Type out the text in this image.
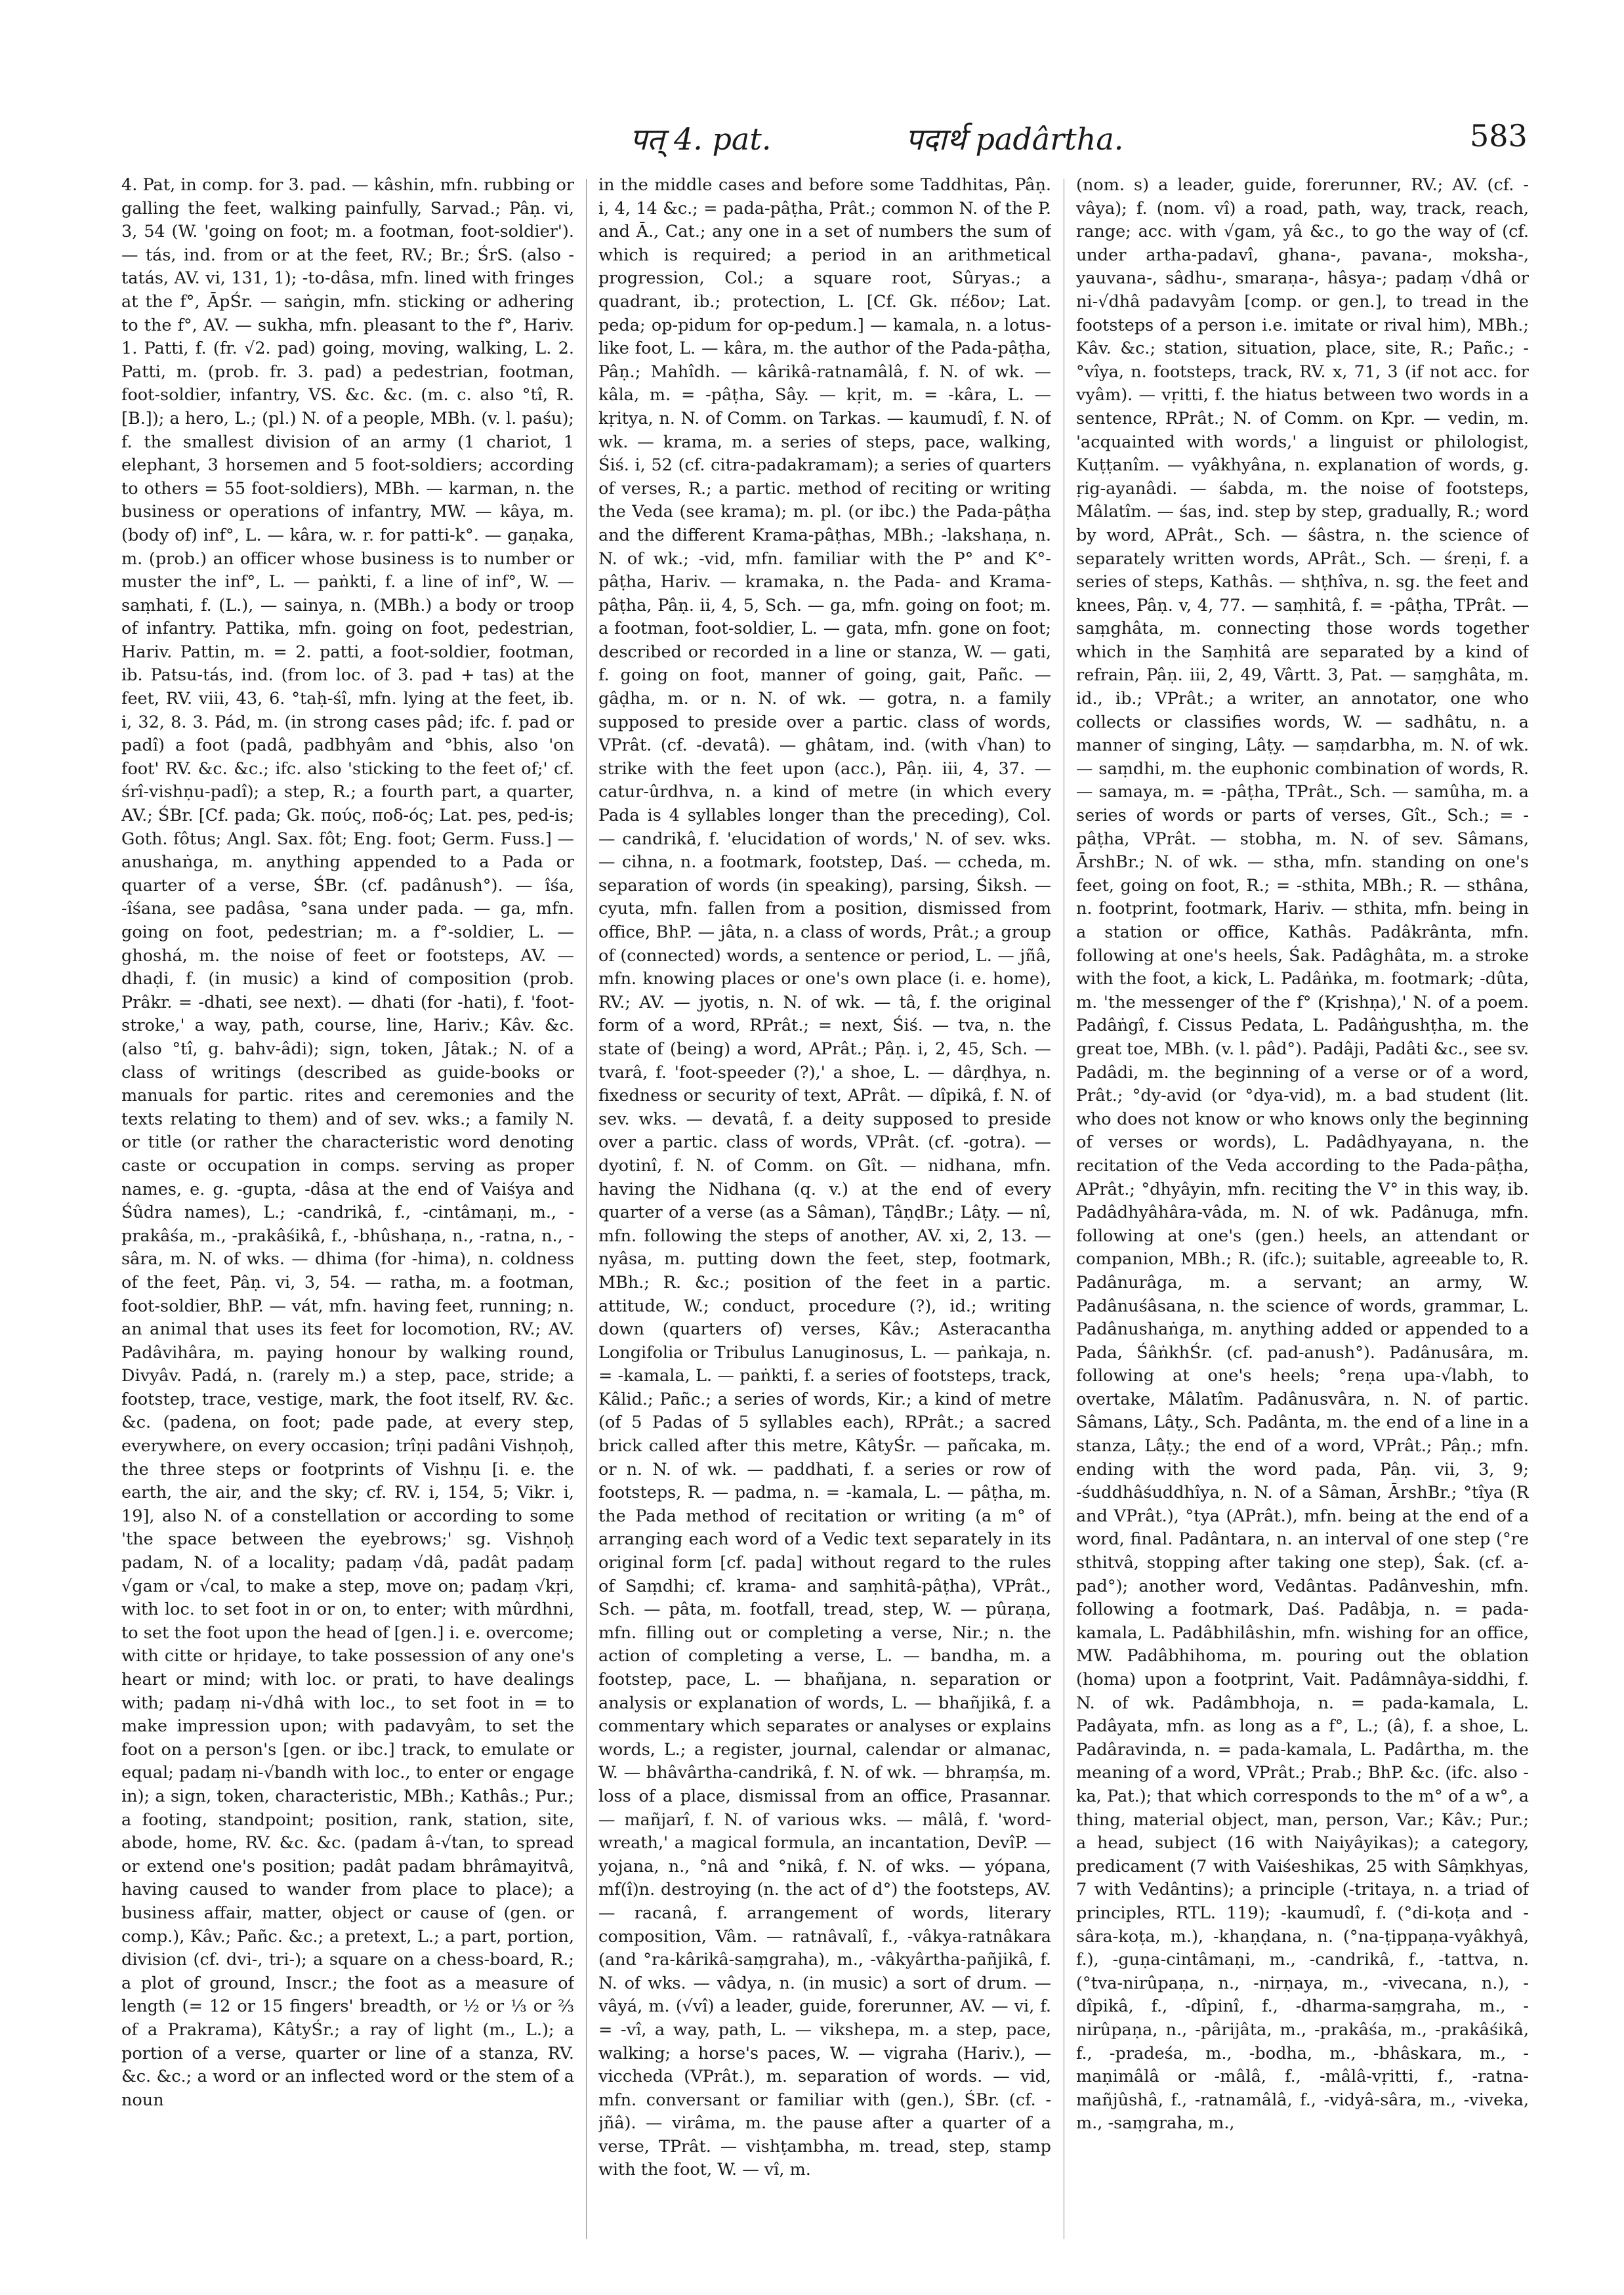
पत् 4. pat.	पदार्थ padârtha.	583

4. Pat, in comp. for 3. pad. — kâshin, mfn. rubbing or galling the feet, walking painfully, Sarvad.; Pâṇ. vi, 3, 54 (W. 'going on foot; m. a footman, foot-soldier'). — tás, ind. from or at the feet, RV.; Br.; ŚrS. (also -tatás, AV. vi, 131, 1); -to-dâsa, mfn. lined with fringes at the f°, ĀpŚr. — saṅgin, mfn. sticking or adhering to the f°, AV. — sukha, mfn. pleasant to the f°, Hariv. 1. Patti, f. (fr. √2. pad) going, moving, walking, L. 2. Patti, m. (prob. fr. 3. pad) a pedestrian, footman, foot-soldier, infantry, VS. &c. &c. (m. c. also °tî, R. [B.]); a hero, L.; (pl.) N. of a people, MBh. (v. l. paśu); f. the smallest division of an army (1 chariot, 1 elephant, 3 horsemen and 5 foot-soldiers; according to others = 55 foot-soldiers), MBh. — karman, n. the business or operations of infantry, MW. — kâya, m. (body of) inf°, L. — kâra, w. r. for patti-k°. — gaṇaka, m. (prob.) an officer whose business is to number or muster the inf°, L. — paṅkti, f. a line of inf°, W. — saṃhati, f. (L.), — sainya, n. (MBh.) a body or troop of infantry. Pattika, mfn. going on foot, pedestrian, Hariv. Pattin, m. = 2. patti, a foot-soldier, footman, ib. Patsu-tás, ind. (from loc. of 3. pad + tas) at the feet, RV. viii, 43, 6. °taḥ-śî, mfn. lying at the feet, ib. i, 32, 8. 3. Pád, m. (in strong cases pâd; ifc. f. pad or padî) a foot (padâ, padbhyâm and °bhis, also 'on foot' RV. &c. &c.; ifc. also 'sticking to the feet of;' cf. śrî-vishṇu-padî); a step, R.; a fourth part, a quarter, AV.; ŚBr. [Cf. pada; Gk. πούς, ποδ-ός; Lat. pes, ped-is; Goth. fôtus; Angl. Sax. fôt; Eng. foot; Germ. Fuss.] — anushaṅga, m. anything appended to a Pada or quarter of a verse, ŚBr. (cf. padânush°). — îśa, -îśana, see padâsa, °sana under pada. — ga, mfn. going on foot, pedestrian; m. a f°-soldier, L. — ghoshá, m. the noise of feet or footsteps, AV. — dhaḍi, f. (in music) a kind of composition (prob. Prâkr. = -dhati, see next). — dhati (for -hati), f. 'foot-stroke,' a way, path, course, line, Hariv.; Kâv. &c. (also °tî, g. bahv-âdi); sign, token, Jâtak.; N. of a class of writings (described as guide-books or manuals for partic. rites and ceremonies and the texts relating to them) and of sev. wks.; a family N. or title (or rather the characteristic word denoting caste or occupation in comps. serving as proper names, e. g. -gupta, -dâsa at the end of Vaiśya and Śûdra names), L.; -candrikâ, f., -cintâmaṇi, m., -prakâśa, m., -prakâśikâ, f., -bhûshaṇa, n., -ratna, n., -sâra, m. N. of wks. — dhima (for -hima), n. coldness of the feet, Pâṇ. vi, 3, 54. — ratha, m. a footman, foot-soldier, BhP. — vát, mfn. having feet, running; n. an animal that uses its feet for locomotion, RV.; AV. Padâvihâra, m. paying honour by walking round, Divyâv. Padá, n. (rarely m.) a step, pace, stride; a footstep, trace, vestige, mark, the foot itself, RV. &c. &c. (padena, on foot; pade pade, at every step, everywhere, on every occasion; trîṇi padâni Vishṇoḥ, the three steps or footprints of Vishṇu [i. e. the earth, the air, and the sky; cf. RV. i, 154, 5; Vikr. i, 19], also N. of a constellation or according to some 'the space between the eyebrows;' sg. Vishṇoḥ padam, N. of a locality; padaṃ √dâ, padât padaṃ √gam or √cal, to make a step, move on; padaṃ √kṛi, with loc. to set foot in or on, to enter; with mûrdhni, to set the foot upon the head of [gen.] i. e. overcome; with citte or hṛidaye, to take possession of any one's heart or mind; with loc. or prati, to have dealings with; padaṃ ni-√dhâ with loc., to set foot in = to make impression upon; with padavyâm, to set the foot on a person's [gen. or ibc.] track, to emulate or equal; padaṃ ni-√bandh with loc., to enter or engage in); a sign, token, characteristic, MBh.; Kathâs.; Pur.; a footing, standpoint; position, rank, station, site, abode, home, RV. &c. &c. (padam â-√tan, to spread or extend one's position; padât padam bhrâmayitvâ, having caused to wander from place to place); a business affair, matter, object or cause of (gen. or comp.), Kâv.; Pañc. &c.; a pretext, L.; a part, portion, division (cf. dvi-, tri-); a square on a chess-board, R.; a plot of ground, Inscr.; the foot as a measure of length (= 12 or 15 fingers' breadth, or ½ or ⅓ or ⅔ of a Prakrama), KâtyŚr.; a ray of light (m., L.); a portion of a verse, quarter or line of a stanza, RV. &c. &c.; a word or an inflected word or the stem of a noun

in the middle cases and before some Taddhitas, Pâṇ. i, 4, 14 &c.; = pada-pâṭha, Prât.; common N. of the P. and Ā., Cat.; any one in a set of numbers the sum of which is required; a period in an arithmetical progression, Col.; a square root, Sûryas.; a quadrant, ib.; protection, L. [Cf. Gk. πέδον; Lat. peda; op-pidum for op-pedum.] — kamala, n. a lotus-like foot, L. — kâra, m. the author of the Pada-pâṭha, Pâṇ.; Mahîdh. — kârikâ-ratnamâlâ, f. N. of wk. — kâla, m. = -pâṭha, Sây. — kṛit, m. = -kâra, L. — kṛitya, n. N. of Comm. on Tarkas. — kaumudî, f. N. of wk. — krama, m. a series of steps, pace, walking, Śiś. i, 52 (cf. citra-padakramam); a series of quarters of verses, R.; a partic. method of reciting or writing the Veda (see krama); m. pl. (or ibc.) the Pada-pâṭha and the different Krama-pâṭhas, MBh.; -lakshaṇa, n. N. of wk.; -vid, mfn. familiar with the P° and K°-pâṭha, Hariv. — kramaka, n. the Pada- and Krama-pâṭha, Pâṇ. ii, 4, 5, Sch. — ga, mfn. going on foot; m. a footman, foot-soldier, L. — gata, mfn. gone on foot; described or recorded in a line or stanza, W. — gati, f. going on foot, manner of going, gait, Pañc. — gâḍha, m. or n. N. of wk. — gotra, n. a family supposed to preside over a partic. class of words, VPrât. (cf. -devatâ). — ghâtam, ind. (with √han) to strike with the feet upon (acc.), Pâṇ. iii, 4, 37. — catur-ûrdhva, n. a kind of metre (in which every Pada is 4 syllables longer than the preceding), Col. — candrikâ, f. 'elucidation of words,' N. of sev. wks. — cihna, n. a footmark, footstep, Daś. — ccheda, m. separation of words (in speaking), parsing, Śiksh. — cyuta, mfn. fallen from a position, dismissed from office, BhP. — jâta, n. a class of words, Prât.; a group of (connected) words, a sentence or period, L. — jñâ, mfn. knowing places or one's own place (i. e. home), RV.; AV. — jyotis, n. N. of wk. — tâ, f. the original form of a word, RPrât.; = next, Śiś. — tva, n. the state of (being) a word, APrât.; Pâṇ. i, 2, 45, Sch. — tvarâ, f. 'foot-speeder (?),' a shoe, L. — dârḍhya, n. fixedness or security of text, APrât. — dîpikâ, f. N. of sev. wks. — devatâ, f. a deity supposed to preside over a partic. class of words, VPrât. (cf. -gotra). — dyotinî, f. N. of Comm. on Gît. — nidhana, mfn. having the Nidhana (q. v.) at the end of every quarter of a verse (as a Sâman), TâṇḍBr.; Lâṭy. — nî, mfn. following the steps of another, AV. xi, 2, 13. — nyâsa, m. putting down the feet, step, footmark, MBh.; R. &c.; position of the feet in a partic. attitude, W.; conduct, procedure (?), id.; writing down (quarters of) verses, Kâv.; Asteracantha Longifolia or Tribulus Lanuginosus, L. — paṅkaja, n. = -kamala, L. — paṅkti, f. a series of footsteps, track, Kâlid.; Pañc.; a series of words, Kir.; a kind of metre (of 5 Padas of 5 syllables each), RPrât.; a sacred brick called after this metre, KâtyŚr. — pañcaka, m. or n. N. of wk. — paddhati, f. a series or row of footsteps, R. — padma, n. = -kamala, L. — pâṭha, m. the Pada method of recitation or writing (a m° of arranging each word of a Vedic text separately in its original form [cf. pada] without regard to the rules of Saṃdhi; cf. krama- and saṃhitâ-pâṭha), VPrât., Sch. — pâta, m. footfall, tread, step, W. — pûraṇa, mfn. filling out or completing a verse, Nir.; n. the action of completing a verse, L. — bandha, m. a footstep, pace, L. — bhañjana, n. separation or analysis or explanation of words, L. — bhañjikâ, f. a commentary which separates or analyses or explains words, L.; a register, journal, calendar or almanac, W. — bhâvârtha-candrikâ, f. N. of wk. — bhraṃśa, m. loss of a place, dismissal from an office, Prasannar. — mañjarî, f. N. of various wks. — mâlâ, f. 'word-wreath,' a magical formula, an incantation, DevîP. — yojana, n., °nâ and °nikâ, f. N. of wks. — yópana, mf(î)n. destroying (n. the act of d°) the footsteps, AV. — racanâ, f. arrangement of words, literary composition, Vâm. — ratnâvalî, f., -vâkya-ratnâkara (and °ra-kârikâ-saṃgraha), m., -vâkyârtha-pañjikâ, f. N. of wks. — vâdya, n. (in music) a sort of drum. — vâyá, m. (√vî) a leader, guide, forerunner, AV. — vi, f. = -vî, a way, path, L. — vikshepa, m. a step, pace, walking; a horse's paces, W. — vigraha (Hariv.), — viccheda (VPrât.), m. separation of words. — vid, mfn. conversant or familiar with (gen.), ŚBr. (cf. -jñâ). — virâma, m. the pause after a quarter of a verse, TPrât. — vishṭambha, m. tread, step, stamp with the foot, W. — vî, m.

(nom. s) a leader, guide, forerunner, RV.; AV. (cf. -vâya); f. (nom. vî) a road, path, way, track, reach, range; acc. with √gam, yâ &c., to go the way of (cf. under artha-padavî, ghana-, pavana-, moksha-, yauvana-, sâdhu-, smaraṇa-, hâsya-; padaṃ √dhâ or ni-√dhâ padavyâm [comp. or gen.], to tread in the footsteps of a person i.e. imitate or rival him), MBh.; Kâv. &c.; station, situation, place, site, R.; Pañc.; -°vîya, n. footsteps, track, RV. x, 71, 3 (if not acc. for vyâm). — vṛitti, f. the hiatus between two words in a sentence, RPrât.; N. of Comm. on Kpr. — vedin, m. 'acquainted with words,' a linguist or philologist, Kuṭṭanîm. — vyâkhyâna, n. explanation of words, g. ṛig-ayanâdi. — śabda, m. the noise of footsteps, Mâlatîm. — śas, ind. step by step, gradually, R.; word by word, APrât., Sch. — śâstra, n. the science of separately written words, APrât., Sch. — śreṇi, f. a series of steps, Kathâs. — shṭhîva, n. sg. the feet and knees, Pâṇ. v, 4, 77. — saṃhitâ, f. = -pâṭha, TPrât. — saṃghâta, m. connecting those words together which in the Saṃhitâ are separated by a kind of refrain, Pâṇ. iii, 2, 49, Vârtt. 3, Pat. — saṃghâta, m. id., ib.; VPrât.; a writer, an annotator, one who collects or classifies words, W. — sadhâtu, n. a manner of singing, Lâṭy. — saṃdarbha, m. N. of wk. — saṃdhi, m. the euphonic combination of words, R. — samaya, m. = -pâṭha, TPrât., Sch. — samûha, m. a series of words or parts of verses, Gît., Sch.; = -pâṭha, VPrât. — stobha, m. N. of sev. Sâmans, ĀrshBr.; N. of wk. — stha, mfn. standing on one's feet, going on foot, R.; = -sthita, MBh.; R. — sthâna, n. footprint, footmark, Hariv. — sthita, mfn. being in a station or office, Kathâs. Padâkrânta, mfn. following at one's heels, Śak. Padâghâta, m. a stroke with the foot, a kick, L. Padâṅka, m. footmark; -dûta, m. 'the messenger of the f° (Kṛishṇa),' N. of a poem. Padâṅgî, f. Cissus Pedata, L. Padâṅgushṭha, m. the great toe, MBh. (v. l. pâd°). Padâji, Padâti &c., see sv. Padâdi, m. the beginning of a verse or of a word, Prât.; °dy-avid (or °dya-vid), m. a bad student (lit. who does not know or who knows only the beginning of verses or words), L. Padâdhyayana, n. the recitation of the Veda according to the Pada-pâṭha, APrât.; °dhyâyin, mfn. reciting the V° in this way, ib. Padâdhyâhâra-vâda, m. N. of wk. Padânuga, mfn. following at one's (gen.) heels, an attendant or companion, MBh.; R. (ifc.); suitable, agreeable to, R. Padânurâga, m. a servant; an army, W. Padânuśâsana, n. the science of words, grammar, L. Padânushaṅga, m. anything added or appended to a Pada, ŚâṅkhŚr. (cf. pad-anush°). Padânusâra, m. following at one's heels; °reṇa upa-√labh, to overtake, Mâlatîm. Padânusvâra, n. N. of partic. Sâmans, Lâṭy., Sch. Padânta, m. the end of a line in a stanza, Lâṭy.; the end of a word, VPrât.; Pâṇ.; mfn. ending with the word pada, Pâṇ. vii, 3, 9; -śuddhâśuddhîya, n. N. of a Sâman, ĀrshBr.; °tîya (R and VPrât.), °tya (APrât.), mfn. being at the end of a word, final. Padântara, n. an interval of one step (°re sthitvâ, stopping after taking one step), Śak. (cf. a-pad°); another word, Vedântas. Padânveshin, mfn. following a footmark, Daś. Padâbja, n. = pada-kamala, L. Padâbhilâshin, mfn. wishing for an office, MW. Padâbhihoma, m. pouring out the oblation (homa) upon a footprint, Vait. Padâmnâya-siddhi, f. N. of wk. Padâmbhoja, n. = pada-kamala, L. Padâyata, mfn. as long as a f°, L.; (â), f. a shoe, L. Padâravinda, n. = pada-kamala, L. Padârtha, m. the meaning of a word, VPrât.; Prab.; BhP. &c. (ifc. also -ka, Pat.); that which corresponds to the m° of a w°, a thing, material object, man, person, Var.; Kâv.; Pur.; a head, subject (16 with Naiyâyikas); a category, predicament (7 with Vaiśeshikas, 25 with Sâṃkhyas, 7 with Vedântins); a principle (-tritaya, n. a triad of principles, RTL. 119); -kaumudî, f. (°di-koṭa and -sâra-koṭa, m.), -khaṇḍana, n. (°na-ṭippaṇa-vyâkhyâ, f.), -guṇa-cintâmaṇi, m., -candrikâ, f., -tattva, n. (°tva-nirûpaṇa, n., -nirṇaya, m., -vivecana, n.), -dîpikâ, f., -dîpinî, f., -dharma-saṃgraha, m., -nirûpaṇa, n., -pârijâta, m., -prakâśa, m., -prakâśikâ, f., -pradeśa, m., -bodha, m., -bhâskara, m., -maṇimâlâ or -mâlâ, f., -mâlâ-vṛitti, f., -ratna-mañjûshâ, f., -ratnamâlâ, f., -vidyâ-sâra, m., -viveka, m., -saṃgraha, m.,
